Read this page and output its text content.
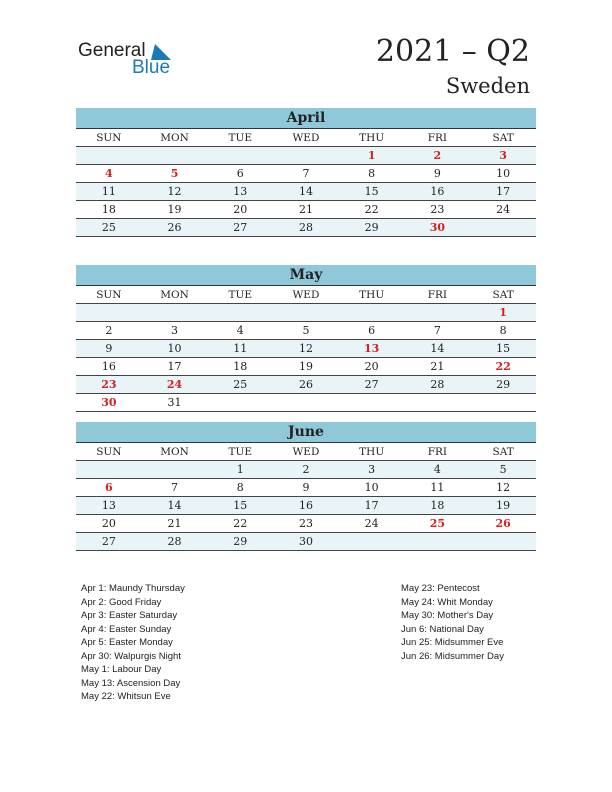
General
Blue	2021 – Q2
Sweden
April
SUN	MON	TUE	WED	THU	FRI	SAT
				1	2	3
4	5	6	7	8	9	10
11	12	13	14	15	16	17
18	19	20	21	22	23	24
25	26	27	28	29	30	
May
SUN	MON	TUE	WED	THU	FRI	SAT
						1
2	3	4	5	6	7	8
9	10	11	12	13	14	15
16	17	18	19	20	21	22
23	24	25	26	27	28	29
30	31					
June
SUN	MON	TUE	WED	THU	FRI	SAT
		1	2	3	4	5
6	7	8	9	10	11	12
13	14	15	16	17	18	19
20	21	22	23	24	25	26
27	28	29	30			
Apr 1: Maundy Thursday
Apr 2: Good Friday
Apr 3: Easter Saturday
Apr 4: Easter Sunday
Apr 5: Easter Monday
Apr 30: Walpurgis Night
May 1: Labour Day
May 13: Ascension Day
May 22: Whitsun Eve
May 23: Pentecost
May 24: Whit Monday
May 30: Mother's Day
Jun 6: National Day
Jun 25: Midsummer Eve
Jun 26: Midsummer Day
